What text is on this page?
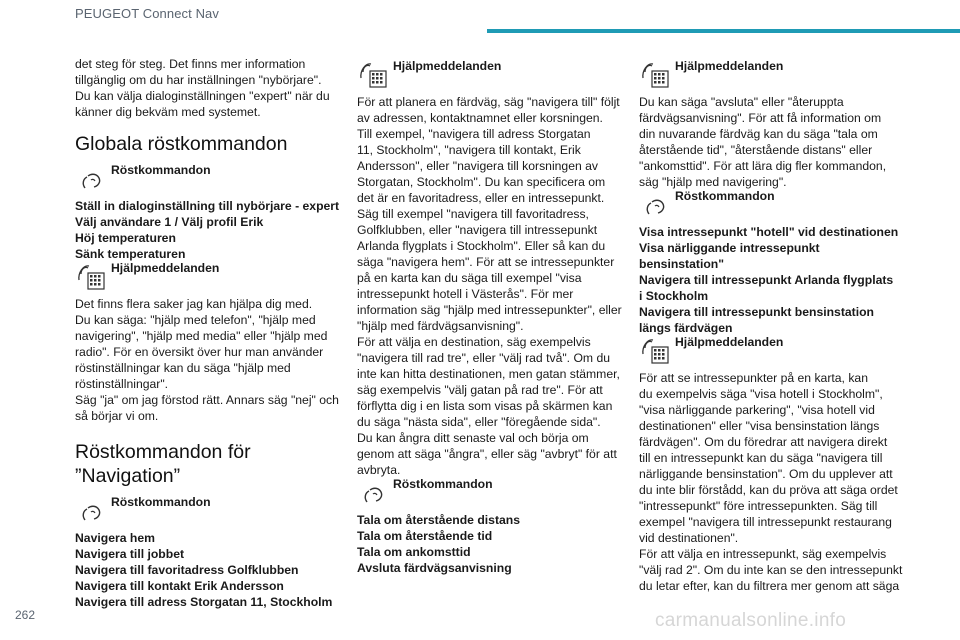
PEUGEOT Connect Nav

det steg för steg. Det finns mer information

tillgänglig om du har inställningen "nybörjare".

Du kan välja dialoginställningen "expert" när du

känner dig bekväm med systemet.

Globala röstkommandon
Röstkommandon

Ställ in dialoginställning till nybörjare - expert

Välj användare 1 / Välj profil Erik

Höj temperaturen

Sänk temperaturen

Hjälpmeddelanden

Det finns flera saker jag kan hjälpa dig med.

Du kan säga: "hjälp med telefon", "hjälp med

navigering", "hjälp med media" eller "hjälp med

radio". För en översikt över hur man använder

röstinställningar kan du säga "hjälp med

röstinställningar".

Säg "ja" om jag förstod rätt. Annars säg "nej" och

så börjar vi om.

Röstkommandon för
”Navigation”
Röstkommandon

Navigera hem

Navigera till jobbet

Navigera till favoritadress Golfklubben

Navigera till kontakt Erik Andersson

Navigera till adress Storgatan 11, Stockholm

Hjälpmeddelanden

För att planera en färdväg, säg "navigera till" följt

av adressen, kontaktnamnet eller korsningen.

Till exempel, "navigera till adress Storgatan

11, Stockholm", "navigera till kontakt, Erik

Andersson", eller "navigera till korsningen av

Storgatan, Stockholm". Du kan specificera om

det är en favoritadress, eller en intressepunkt.

Säg till exempel "navigera till favoritadress,

Golfklubben, eller "navigera till intressepunkt

Arlanda flygplats i Stockholm". Eller så kan du

säga "navigera hem". För att se intressepunkter

på en karta kan du säga till exempel "visa

intressepunkt hotell i Västerås". För mer

information säg "hjälp med intressepunkter", eller

"hjälp med färdvägsanvisning".

För att välja en destination, säg exempelvis

"navigera till rad tre", eller "välj rad två". Om du

inte kan hitta destinationen, men gatan stämmer,

säg exempelvis "välj gatan på rad tre". För att

förflytta dig i en lista som visas på skärmen kan

du säga "nästa sida", eller "föregående sida".

Du kan ångra ditt senaste val och börja om

genom att säga "ångra", eller säg "avbryt" för att

avbryta.

Röstkommandon

Tala om återstående distans

Tala om återstående tid

Tala om ankomsttid

Avsluta färdvägsanvisning

Hjälpmeddelanden

Du kan säga "avsluta" eller "återuppta

färdvägsanvisning". För att få information om

din nuvarande färdväg kan du säga "tala om

återstående tid", "återstående distans" eller

"ankomsttid". För att lära dig fler kommandon,

säg "hjälp med navigering".

Röstkommandon

Visa intressepunkt "hotell" vid destinationen

Visa närliggande intressepunkt

bensinstation"

Navigera till intressepunkt Arlanda flygplats

i Stockholm

Navigera till intressepunkt bensinstation

längs färdvägen

Hjälpmeddelanden

För att se intressepunkter på en karta, kan

du exempelvis säga "visa hotell i Stockholm",

"visa närliggande parkering", "visa hotell vid

destinationen" eller "visa bensinstation längs

färdvägen". Om du föredrar att navigera direkt

till en intressepunkt kan du säga "navigera till

närliggande bensinstation". Om du upplever att

du inte blir förstådd, kan du pröva att säga ordet

"intressepunkt" före intressepunkten. Säg till

exempel "navigera till intressepunkt restaurang

vid destinationen".

För att välja en intressepunkt, säg exempelvis

"välj rad 2". Om du inte kan se den intressepunkt

du letar efter, kan du filtrera mer genom att säga

262	carmanualsonline.info
